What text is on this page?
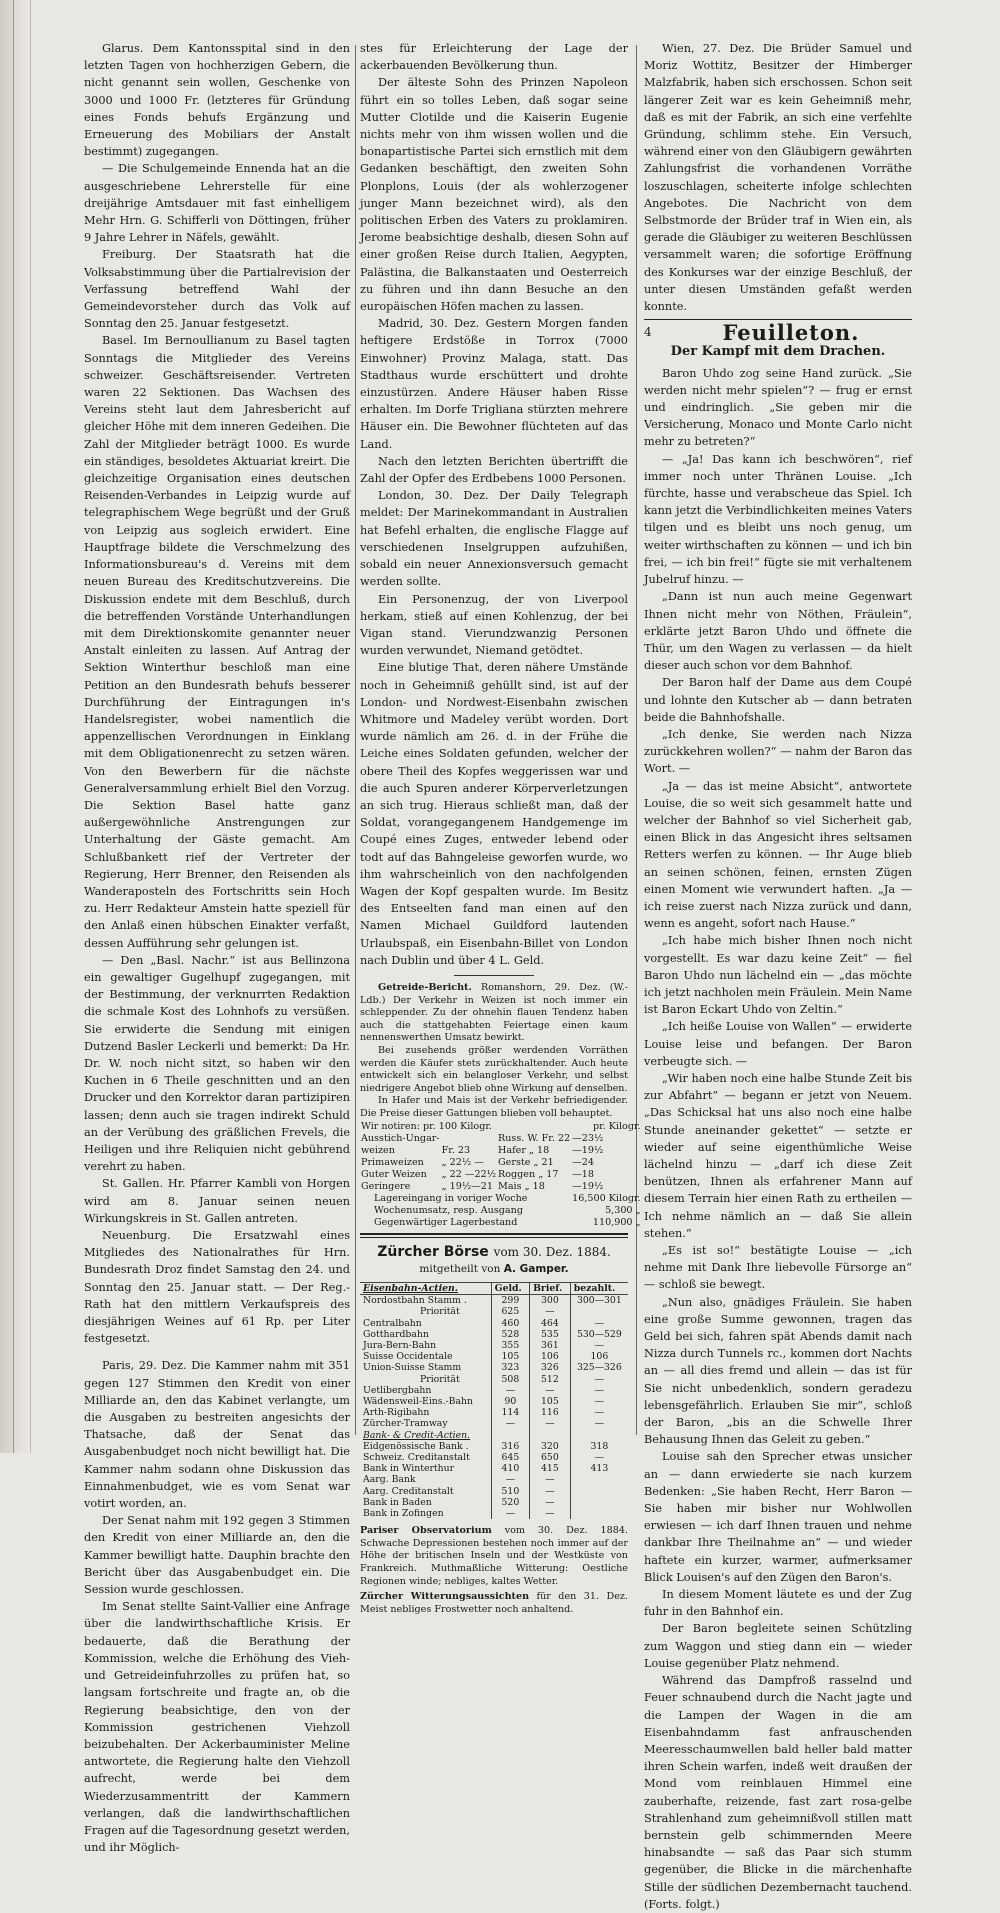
Glarus. Dem Kantonsspital sind in den letzten Tagen von hochherzigen Gebern, die nicht genannt sein wollen, Geschenke von 3000 und 1000 Fr. (letzteres für Gründung eines Fonds behufs Ergänzung und Erneuerung des Mobiliars der Anstalt bestimmt) zugegangen.

— Die Schulgemeinde Ennenda hat an die ausgeschriebene Lehrerstelle für eine dreijährige Amtsdauer mit fast einhelligem Mehr Hrn. G. Schifferli von Döttingen, früher 9 Jahre Lehrer in Näfels, gewählt.

Freiburg. Der Staatsrath hat die Volksabstimmung über die Partialrevision der Verfassung betreffend Wahl der Gemeindevorsteher durch das Volk auf Sonntag den 25. Januar festgesetzt.

Basel. Im Bernoullianum zu Basel tagten Sonntags die Mitglieder des Vereins schweizer. Geschäftsreisender. Vertreten waren 22 Sektionen. Das Wachsen des Vereins steht laut dem Jahresbericht auf gleicher Höhe mit dem inneren Gedeihen. Die Zahl der Mitglieder beträgt 1000. Es wurde ein ständiges, besoldetes Aktuariat kreirt. Die gleichzeitige Organisation eines deutschen Reisenden-Verbandes in Leipzig wurde auf telegraphischem Wege begrüßt und der Gruß von Leipzig aus sogleich erwidert. Eine Hauptfrage bildete die Verschmelzung des Informationsbureau's d. Vereins mit dem neuen Bureau des Kreditschutzvereins. Die Diskussion endete mit dem Beschluß, durch die betreffenden Vorstände Unterhandlungen mit dem Direktionskomite genannter neuer Anstalt einleiten zu lassen. Auf Antrag der Sektion Winterthur beschloß man eine Petition an den Bundesrath behufs besserer Durchführung der Eintragungen in's Handelsregister, wobei namentlich die appenzellischen Verordnungen in Einklang mit dem Obligationenrecht zu setzen wären. Von den Bewerbern für die nächste Generalversammlung erhielt Biel den Vorzug. Die Sektion Basel hatte ganz außergewöhnliche Anstrengungen zur Unterhaltung der Gäste gemacht. Am Schlußbankett rief der Vertreter der Regierung, Herr Brenner, den Reisenden als Wanderaposteln des Fortschritts sein Hoch zu. Herr Redakteur Amstein hatte speziell für den Anlaß einen hübschen Einakter verfaßt, dessen Aufführung sehr gelungen ist.

— Den „Basl. Nachr.“ ist aus Bellinzona ein gewaltiger Gugelhupf zugegangen, mit der Bestimmung, der verknurrten Redaktion die schmale Kost des Lohnhofs zu versüßen. Sie erwiderte die Sendung mit einigen Dutzend Basler Leckerli und bemerkt: Da Hr. Dr. W. noch nicht sitzt, so haben wir den Kuchen in 6 Theile geschnitten und an den Drucker und den Korrektor daran partizipiren lassen; denn auch sie tragen indirekt Schuld an der Verübung des gräßlichen Frevels, die Heiligen und ihre Reliquien nicht gebührend verehrt zu haben.

St. Gallen. Hr. Pfarrer Kambli von Horgen wird am 8. Januar seinen neuen Wirkungskreis in St. Gallen antreten.

Neuenburg. Die Ersatzwahl eines Mitgliedes des Nationalrathes für Hrn. Bundesrath Droz findet Samstag den 24. und Sonntag den 25. Januar statt. — Der Reg.-Rath hat den mittlern Verkaufspreis des diesjährigen Weines auf 61 Rp. per Liter festgesetzt.

Paris, 29. Dez. Die Kammer nahm mit 351 gegen 127 Stimmen den Kredit von einer Milliarde an, den das Kabinet verlangte, um die Ausgaben zu bestreiten angesichts der Thatsache, daß der Senat das Ausgabenbudget noch nicht bewilligt hat. Die Kammer nahm sodann ohne Diskussion das Einnahmenbudget, wie es vom Senat war votirt worden, an.

Der Senat nahm mit 192 gegen 3 Stimmen den Kredit von einer Milliarde an, den die Kammer bewilligt hatte. Dauphin brachte den Bericht über das Ausgabenbudget ein. Die Session wurde geschlossen.

Im Senat stellte Saint-Vallier eine Anfrage über die landwirthschaftliche Krisis. Er bedauerte, daß die Berathung der Kommission, welche die Erhöhung des Vieh- und Getreideinfuhrzolles zu prüfen hat, so langsam fortschreite und fragte an, ob die Regierung beabsichtige, den von der Kommission gestrichenen Viehzoll beizubehalten. Der Ackerbauminister Meline antwortete, die Regierung halte den Viehzoll aufrecht, werde bei dem Wiederzusammentritt der Kammern verlangen, daß die landwirthschaftlichen Fragen auf die Tagesordnung gesetzt werden, und ihr Möglich-

stes für Erleichterung der Lage der ackerbauenden Bevölkerung thun.

Der älteste Sohn des Prinzen Napoleon führt ein so tolles Leben, daß sogar seine Mutter Clotilde und die Kaiserin Eugenie nichts mehr von ihm wissen wollen und die bonapartistische Partei sich ernstlich mit dem Gedanken beschäftigt, den zweiten Sohn Plonplons, Louis (der als wohlerzogener junger Mann bezeichnet wird), als den politischen Erben des Vaters zu proklamiren. Jerome beabsichtige deshalb, diesen Sohn auf einer großen Reise durch Italien, Aegypten, Palästina, die Balkanstaaten und Oesterreich zu führen und ihn dann Besuche an den europäischen Höfen machen zu lassen.

Madrid, 30. Dez. Gestern Morgen fanden heftigere Erdstöße in Torrox (7000 Einwohner) Provinz Malaga, statt. Das Stadthaus wurde erschüttert und drohte einzustürzen. Andere Häuser haben Risse erhalten. Im Dorfe Trigliana stürzten mehrere Häuser ein. Die Bewohner flüchteten auf das Land.

Nach den letzten Berichten übertrifft die Zahl der Opfer des Erdbebens 1000 Personen.

London, 30. Dez. Der Daily Telegraph meldet: Der Marinekommandant in Australien hat Befehl erhalten, die englische Flagge auf verschiedenen Inselgruppen aufzuhißen, sobald ein neuer Annexionsversuch gemacht werden sollte.

Ein Personenzug, der von Liverpool herkam, stieß auf einen Kohlenzug, der bei Vigan stand. Vierundzwanzig Personen wurden verwundet, Niemand getödtet.

Eine blutige That, deren nähere Umstände noch in Geheimniß gehüllt sind, ist auf der London- und Nordwest-Eisenbahn zwischen Whitmore und Madeley verübt worden. Dort wurde nämlich am 26. d. in der Frühe die Leiche eines Soldaten gefunden, welcher der obere Theil des Kopfes weggerissen war und die auch Spuren anderer Körperverletzungen an sich trug. Hieraus schließt man, daß der Soldat, vorangegangenem Handgemenge im Coupé eines Zuges, entweder lebend oder todt auf das Bahngeleise geworfen wurde, wo ihm wahrscheinlich von den nachfolgenden Wagen der Kopf gespalten wurde. Im Besitz des Entseelten fand man einen auf den Namen Michael Guildford lautenden Urlaubspaß, ein Eisenbahn-Billet von London nach Dublin und über 4 L. Geld.

Getreide-Bericht. Romanshorn, 29. Dez. (W.-Ldb.) Der Verkehr in Weizen ist noch immer ein schleppender. Zu der ohnehin flauen Tendenz haben auch die stattgehabten Feiertage einen kaum nennenswerthen Umsatz bewirkt.

Bei zusehends größer werdenden Vorräthen werden die Käufer stets zurückhaltender. Auch heute entwickelt sich ein belangloser Verkehr, und selbst niedrigere Angebot blieb ohne Wirkung auf denselben.

In Hafer und Mais ist der Verkehr befriedigender. Die Preise dieser Gattungen blieben voll behauptet.

Wir notiren: pr. 100 Kilogr.		pr. Kilogr.	
Ausstich-Ungar-		Russ. W. Fr. 22	—23½
weizen	Fr. 23	Hafer „ 18	—19½
Primaweizen	„ 22½ —	Gerste „ 21	—24
Guter Weizen	„ 22 —22½	Roggen „ 17	—18
Geringere	„ 19½—21	Mais „ 18	—19½
Lagereingang in voriger Woche			16,500 Kilogr.
Wochenumsatz, resp. Ausgang			5,300 „
Gegenwärtiger Lagerbestand			110,900 „
Zürcher Börse vom 30. Dez. 1884.
mitgetheilt von A. Gamper.
Eisenbahn-Actien.	Geld.	Brief.	bezahlt.
Nordostbahn Stamm .	299	300	300—301
Priorität	625	—	
Centralbahn	460	464	—
Gotthardbahn	528	535	530—529
Jura-Bern-Bahn	355	361	—
Suisse Occidentale	105	106	106
Union-Suisse Stamm	323	326	325—326
Priorität	508	512	—
Uetlibergbahn	—	—	—
Wädensweil-Eins.-Bahn	90	105	—
Arth-Rigibahn	114	116	—
Zürcher-Tramway	—	—	—
Bank- & Credit-Actien.			
Eidgenössische Bank .	316	320	318
Schweiz. Creditanstalt	645	650	—
Bank in Winterthur	410	415	413
Aarg. Bank	—	—	
Aarg. Creditanstalt	510	—	
Bank in Baden	520	—	
Bank in Zofingen	—	—	

Pariser Observatorium vom 30. Dez. 1884. Schwache Depressionen bestehen noch immer auf der Höhe der britischen Inseln und der Westküste von Frankreich. Muthmaßliche Witterung: Oestliche Regionen winde; nebliges, kaltes Wetter.

Zürcher Witterungsaussichten für den 31. Dez. Meist nebliges Frostwetter noch anhaltend.

Wien, 27. Dez. Die Brüder Samuel und Moriz Wottitz, Besitzer der Himberger Malzfabrik, haben sich erschossen. Schon seit längerer Zeit war es kein Geheimniß mehr, daß es mit der Fabrik, an sich eine verfehlte Gründung, schlimm stehe. Ein Versuch, während einer von den Gläubigern gewährten Zahlungsfrist die vorhandenen Vorräthe loszuschlagen, scheiterte infolge schlechten Angebotes. Die Nachricht von dem Selbstmorde der Brüder traf in Wien ein, als gerade die Gläubiger zu weiteren Beschlüssen versammelt waren; die sofortige Eröffnung des Konkurses war der einzige Beschluß, der unter diesen Umständen gefaßt werden konnte.

4	Feuilleton.
Der Kampf mit dem Drachen.

Baron Uhdo zog seine Hand zurück. „Sie werden nicht mehr spielen“? — frug er ernst und eindringlich. „Sie geben mir die Versicherung, Monaco und Monte Carlo nicht mehr zu betreten?“

— „Ja! Das kann ich beschwören“, rief immer noch unter Thränen Louise. „Ich fürchte, hasse und verabscheue das Spiel. Ich kann jetzt die Verbindlichkeiten meines Vaters tilgen und es bleibt uns noch genug, um weiter wirthschaften zu können — und ich bin frei, — ich bin frei!“ fügte sie mit verhaltenem Jubelruf hinzu. —

„Dann ist nun auch meine Gegenwart Ihnen nicht mehr von Nöthen, Fräulein“, erklärte jetzt Baron Uhdo und öffnete die Thür, um den Wagen zu verlassen — da hielt dieser auch schon vor dem Bahnhof.

Der Baron half der Dame aus dem Coupé und lohnte den Kutscher ab — dann betraten beide die Bahnhofshalle.

„Ich denke, Sie werden nach Nizza zurückkehren wollen?“ — nahm der Baron das Wort. —

„Ja — das ist meine Absicht“, antwortete Louise, die so weit sich gesammelt hatte und welcher der Bahnhof so viel Sicherheit gab, einen Blick in das Angesicht ihres seltsamen Retters werfen zu können. — Ihr Auge blieb an seinen schönen, feinen, ernsten Zügen einen Moment wie verwundert haften. „Ja — ich reise zuerst nach Nizza zurück und dann, wenn es angeht, sofort nach Hause.“

„Ich habe mich bisher Ihnen noch nicht vorgestellt. Es war dazu keine Zeit“ — fiel Baron Uhdo nun lächelnd ein — „das möchte ich jetzt nachholen mein Fräulein. Mein Name ist Baron Eckart Uhdo von Zeltin.“

„Ich heiße Louise von Wallen“ — erwiderte Louise leise und befangen. Der Baron verbeugte sich. —

„Wir haben noch eine halbe Stunde Zeit bis zur Abfahrt“ — begann er jetzt von Neuem. „Das Schicksal hat uns also noch eine halbe Stunde aneinander gekettet“ — setzte er wieder auf seine eigenthümliche Weise lächelnd hinzu — „darf ich diese Zeit benützen, Ihnen als erfahrener Mann auf diesem Terrain hier einen Rath zu ertheilen — Ich nehme nämlich an — daß Sie allein stehen.“

„Es ist so!“ bestätigte Louise — „ich nehme mit Dank Ihre liebevolle Fürsorge an“ — schloß sie bewegt.

„Nun also, gnädiges Fräulein. Sie haben eine große Summe gewonnen, tragen das Geld bei sich, fahren spät Abends damit nach Nizza durch Tunnels rc., kommen dort Nachts an — all dies fremd und allein — das ist für Sie nicht unbedenklich, sondern geradezu lebensgefährlich. Erlauben Sie mir“, schloß der Baron, „bis an die Schwelle Ihrer Behausung Ihnen das Geleit zu geben.“

Louise sah den Sprecher etwas unsicher an — dann erwiederte sie nach kurzem Bedenken: „Sie haben Recht, Herr Baron — Sie haben mir bisher nur Wohlwollen erwiesen — ich darf Ihnen trauen und nehme dankbar Ihre Theilnahme an“ — und wieder haftete ein kurzer, warmer, aufmerksamer Blick Louisen's auf den Zügen den Baron's.

In diesem Moment läutete es und der Zug fuhr in den Bahnhof ein.

Der Baron begleitete seinen Schützling zum Waggon und stieg dann ein — wieder Louise gegenüber Platz nehmend.

Während das Dampfroß rasselnd und Feuer schnaubend durch die Nacht jagte und die Lampen der Wagen in die am Eisenbahndamm fast anfrauschenden Meeresschaumwellen bald heller bald matter ihren Schein warfen, indeß weit draußen der Mond vom reinblauen Himmel eine zauberhafte, reizende, fast zart rosa-gelbe Strahlenhand zum geheimnißvoll stillen matt bernstein gelb schimmernden Meere hinabsandte — saß das Paar sich stumm gegenüber, die Blicke in die märchenhafte Stille der südlichen Dezembernacht tauchend. (Forts. folgt.)
